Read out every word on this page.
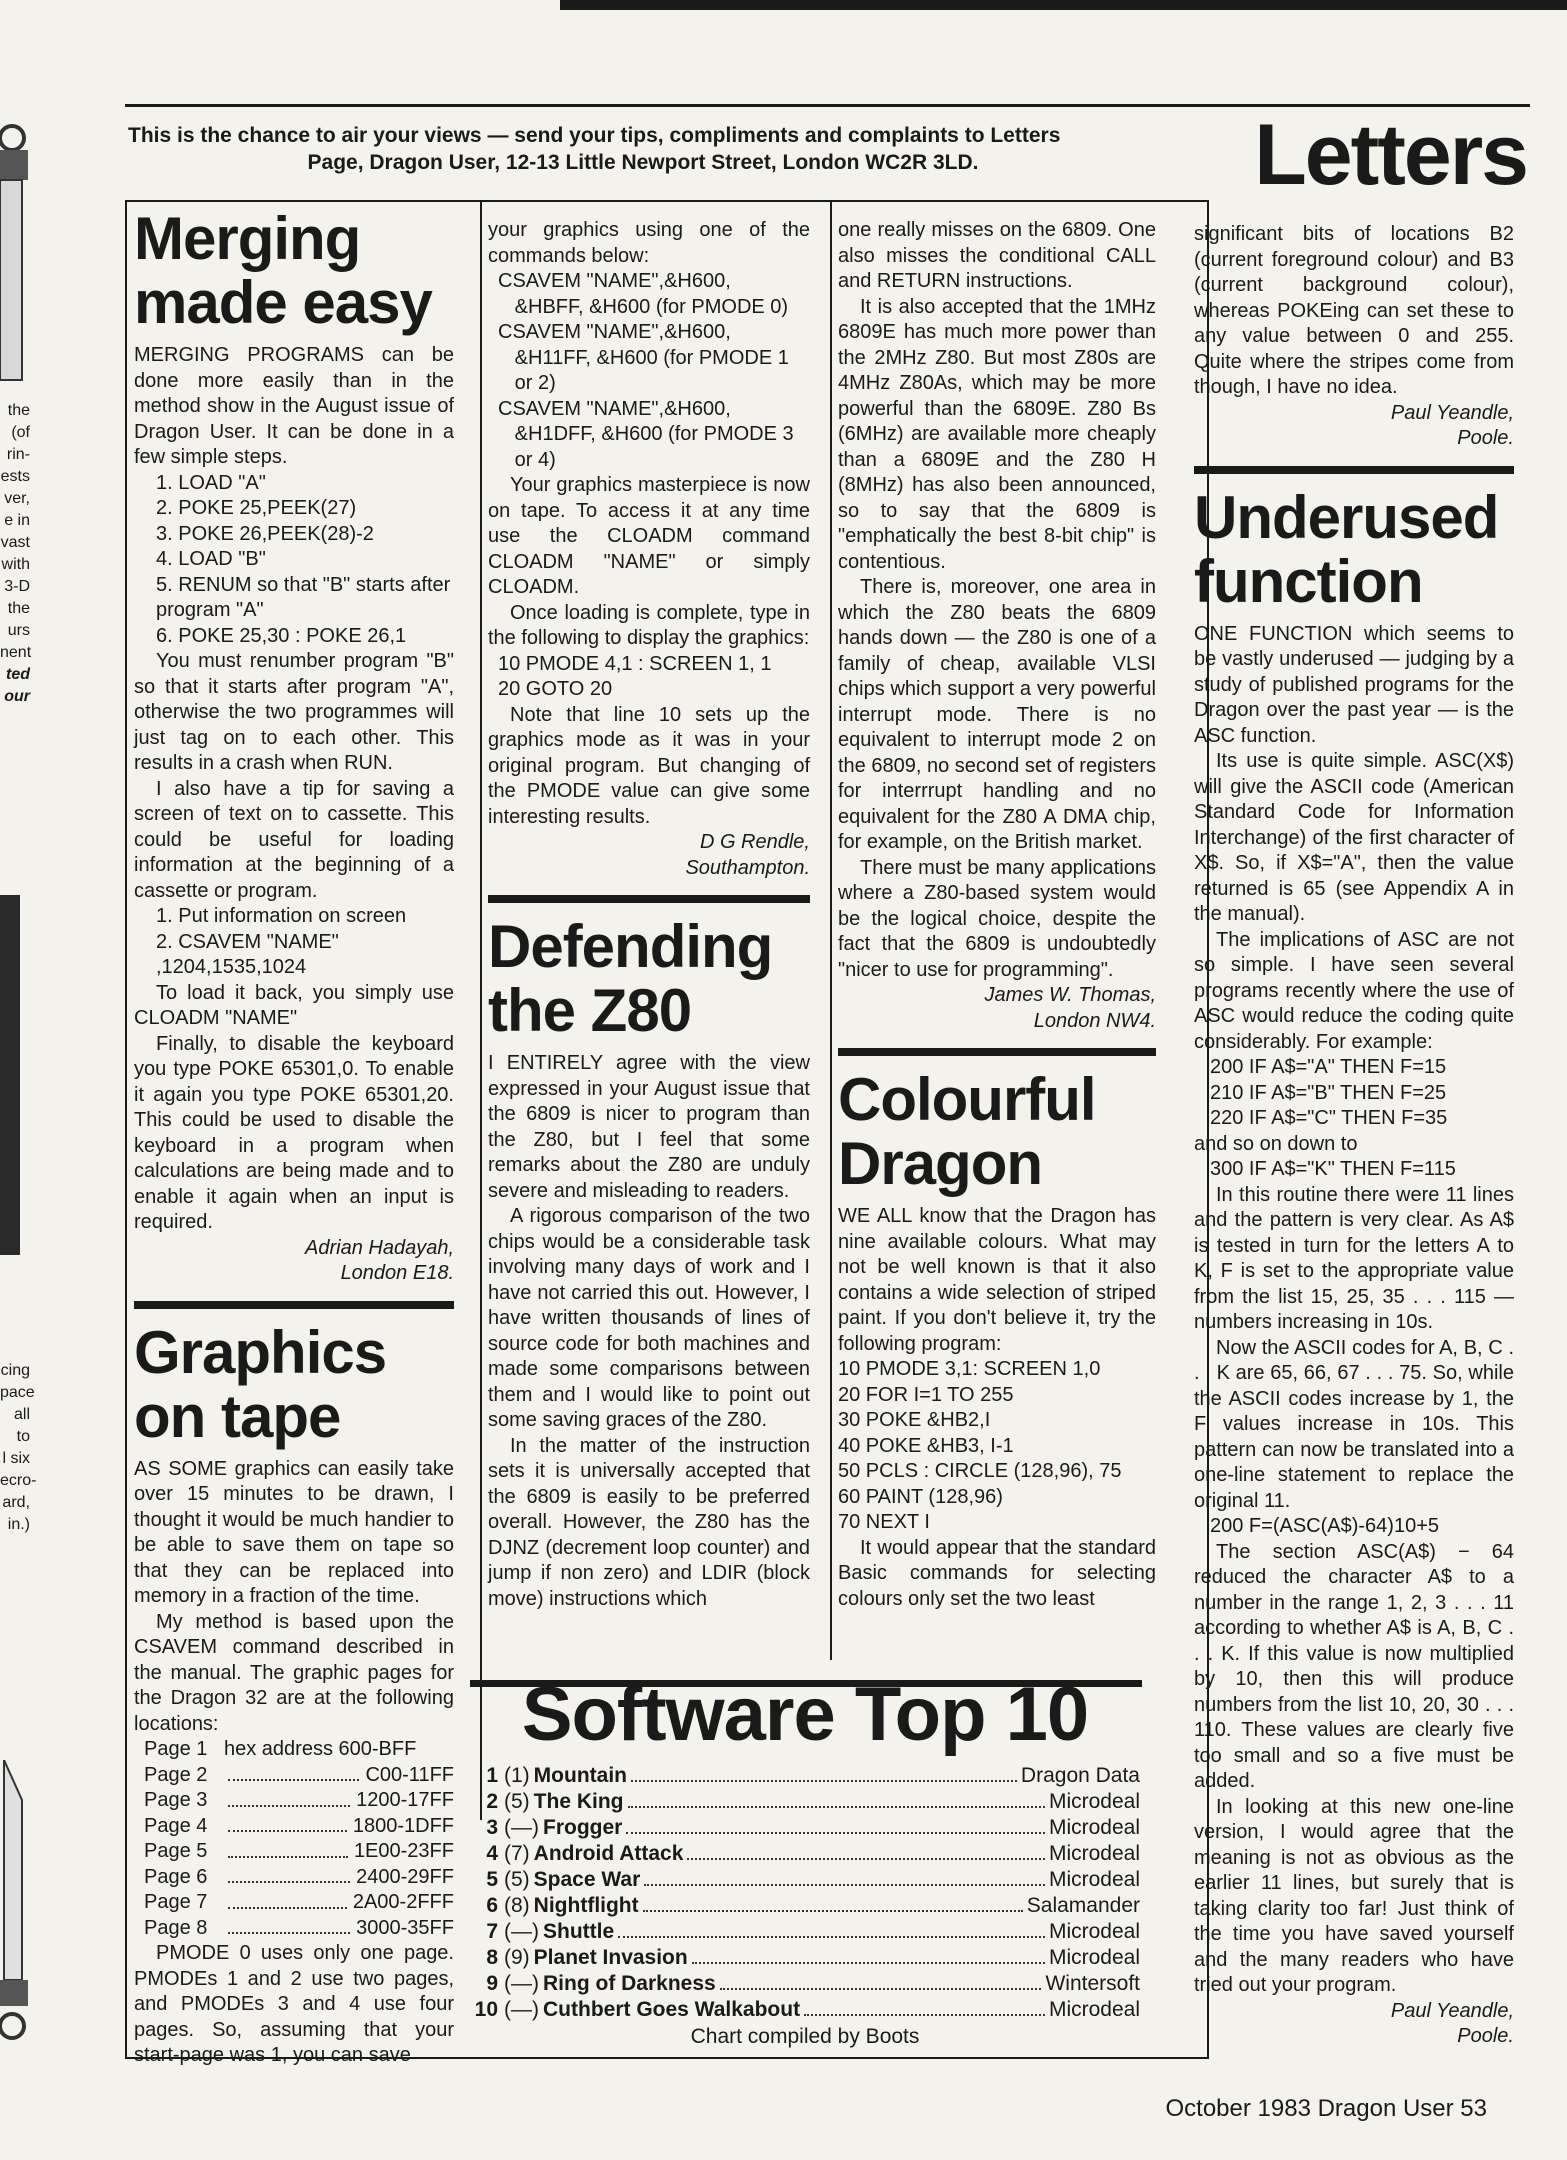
the
(of
rin-
ests
ver,
e in
vast
with
3-D
the
urs
nent
ted
our
cing
pace
all to
l six
ecro-
ard,
in.)
This is the chance to air your views — send your tips, compliments and complaints to Letters
Page, Dragon User, 12-13 Little Newport Street, London WC2R 3LD.	Letters
Merging made easy

MERGING PROGRAMS can be done more easily than in the method show in the August issue of Dragon User. It can be done in a few simple steps.

1. LOAD "A"
2. POKE 25,PEEK(27)
3. POKE 26,PEEK(28)-2
4. LOAD "B"
5. RENUM so that "B" starts after program "A"
6. POKE 25,30 : POKE 26,1

You must renumber program "B" so that it starts after program "A", otherwise the two programmes will just tag on to each other. This results in a crash when RUN.

I also have a tip for saving a screen of text on to cassette. This could be useful for loading information at the beginning of a cassette or program.

1. Put information on screen
2. CSAVEM "NAME" ,1204,1535,1024

To load it back, you simply use CLOADM "NAME"

Finally, to disable the keyboard you type POKE 65301,0. To enable it again you type POKE 65301,20. This could be used to disable the keyboard in a program when calculations are being made and to enable it again when an input is required.

Adrian Hadayah,

London E18.

Graphics on tape

AS SOME graphics can easily take over 15 minutes to be drawn, I thought it would be much handier to be able to save them on tape so that they can be replaced into memory in a fraction of the time.

My method is based upon the CSAVEM command described in the manual. The graphic pages for the Dragon 32 are at the following locations:

Page 1 hex address 600-BFF
Page 2	C00-11FF
Page 3	1200-17FF
Page 4	1800-1DFF
Page 5	1E00-23FF
Page 6	2400-29FF
Page 7	2A00-2FFF
Page 8	3000-35FF

PMODE 0 uses only one page. PMODEs 1 and 2 use two pages, and PMODEs 3 and 4 use four pages. So, assuming that your start-page was 1, you can save

your graphics using one of the commands below:

CSAVEM "NAME",&H600,
&HBFF, &H600 (for PMODE 0)
CSAVEM "NAME",&H600,
&H11FF, &H600 (for PMODE 1
or 2)
CSAVEM "NAME",&H600,
&H1DFF, &H600 (for PMODE 3
or 4)

Your graphics masterpiece is now on tape. To access it at any time use the CLOADM command CLOADM "NAME" or simply CLOADM.

Once loading is complete, type in the following to display the graphics:

10 PMODE 4,1 : SCREEN 1, 1
20 GOTO 20

Note that line 10 sets up the graphics mode as it was in your original program. But changing of the PMODE value can give some interesting results.

D G Rendle,

Southampton.

Defending the Z80

I ENTIRELY agree with the view expressed in your August issue that the 6809 is nicer to program than the Z80, but I feel that some remarks about the Z80 are unduly severe and misleading to readers.

A rigorous comparison of the two chips would be a considerable task involving many days of work and I have not carried this out. However, I have written thousands of lines of source code for both machines and made some comparisons between them and I would like to point out some saving graces of the Z80.

In the matter of the instruction sets it is universally accepted that the 6809 is easily to be preferred overall. However, the Z80 has the DJNZ (decrement loop counter) and jump if non zero) and LDIR (block move) instructions which

one really misses on the 6809. One also misses the conditional CALL and RETURN instructions.

It is also accepted that the 1MHz 6809E has much more power than the 2MHz Z80. But most Z80s are 4MHz Z80As, which may be more powerful than the 6809E. Z80 Bs (6MHz) are available more cheaply than a 6809E and the Z80 H (8MHz) has also been announced, so to say that the 6809 is "emphatically the best 8-bit chip" is contentious.

There is, moreover, one area in which the Z80 beats the 6809 hands down — the Z80 is one of a family of cheap, available VLSI chips which support a very powerful interrupt mode. There is no equivalent to interrupt mode 2 on the 6809, no second set of registers for interrrupt handling and no equivalent for the Z80 A DMA chip, for example, on the British market.

There must be many applications where a Z80-based system would be the logical choice, despite the fact that the 6809 is undoubtedly "nicer to use for programming".

James W. Thomas,

London NW4.

Colourful Dragon

WE ALL know that the Dragon has nine available colours. What may not be well known is that it also contains a wide selection of striped paint. If you don't believe it, try the following program:

10 PMODE 3,1: SCREEN 1,0
20 FOR I=1 TO 255
30 POKE &HB2,I
40 POKE &HB3, I-1
50 PCLS : CIRCLE (128,96), 75
60 PAINT (128,96)
70 NEXT I

It would appear that the standard Basic commands for selecting colours only set the two least

significant bits of locations B2 (current foreground colour) and B3 (current background colour), whereas POKEing can set these to any value between 0 and 255. Quite where the stripes come from though, I have no idea.

Paul Yeandle,

Poole.

Underused function

ONE FUNCTION which seems to be vastly underused — judging by a study of published programs for the Dragon over the past year — is the ASC function.

Its use is quite simple. ASC(X$) will give the ASCII code (American Standard Code for Information Interchange) of the first character of X$. So, if X$="A", then the value returned is 65 (see Appendix A in the manual).

The implications of ASC are not so simple. I have seen several programs recently where the use of ASC would reduce the coding quite considerably. For example:

200 IF A$="A" THEN F=15
210 IF A$="B" THEN F=25
220 IF A$="C" THEN F=35

and so on down to

300 IF A$="K" THEN F=115

In this routine there were 11 lines and the pattern is very clear. As A$ is tested in turn for the letters A to K, F is set to the appropriate value from the list 15, 25, 35 . . . 115 — numbers increasing in 10s.

Now the ASCII codes for A, B, C . . . K are 65, 66, 67 . . . 75. So, while the ASCII codes increase by 1, the F values increase in 10s. This pattern can now be translated into a one-line statement to replace the original 11.

200 F=(ASC(A$)-64)10+5

The section ASC(A$) − 64 reduced the character A$ to a number in the range 1, 2, 3 . . . 11 according to whether A$ is A, B, C . . . K. If this value is now multiplied by 10, then this will produce numbers from the list 10, 20, 30 . . . 110. These values are clearly five too small and so a five must be added.

In looking at this new one-line version, I would agree that the meaning is not as obvious as the earlier 11 lines, but surely that is taking clarity too far! Just think of the time you have saved yourself and the many readers who have tried out your program.

Paul Yeandle,

Poole.

Software Top 10
1 (1) Mountain	Dragon Data
2 (5) The King	Microdeal
3 (—) Frogger	Microdeal
4 (7) Android Attack	Microdeal
5 (5) Space War	Microdeal
6 (8) Nightflight	Salamander
7 (—) Shuttle	Microdeal
8 (9) Planet Invasion	Microdeal
9 (—) Ring of Darkness	Wintersoft
10 (—) Cuthbert Goes Walkabout	Microdeal
Chart compiled by Boots
October 1983 Dragon User 53
